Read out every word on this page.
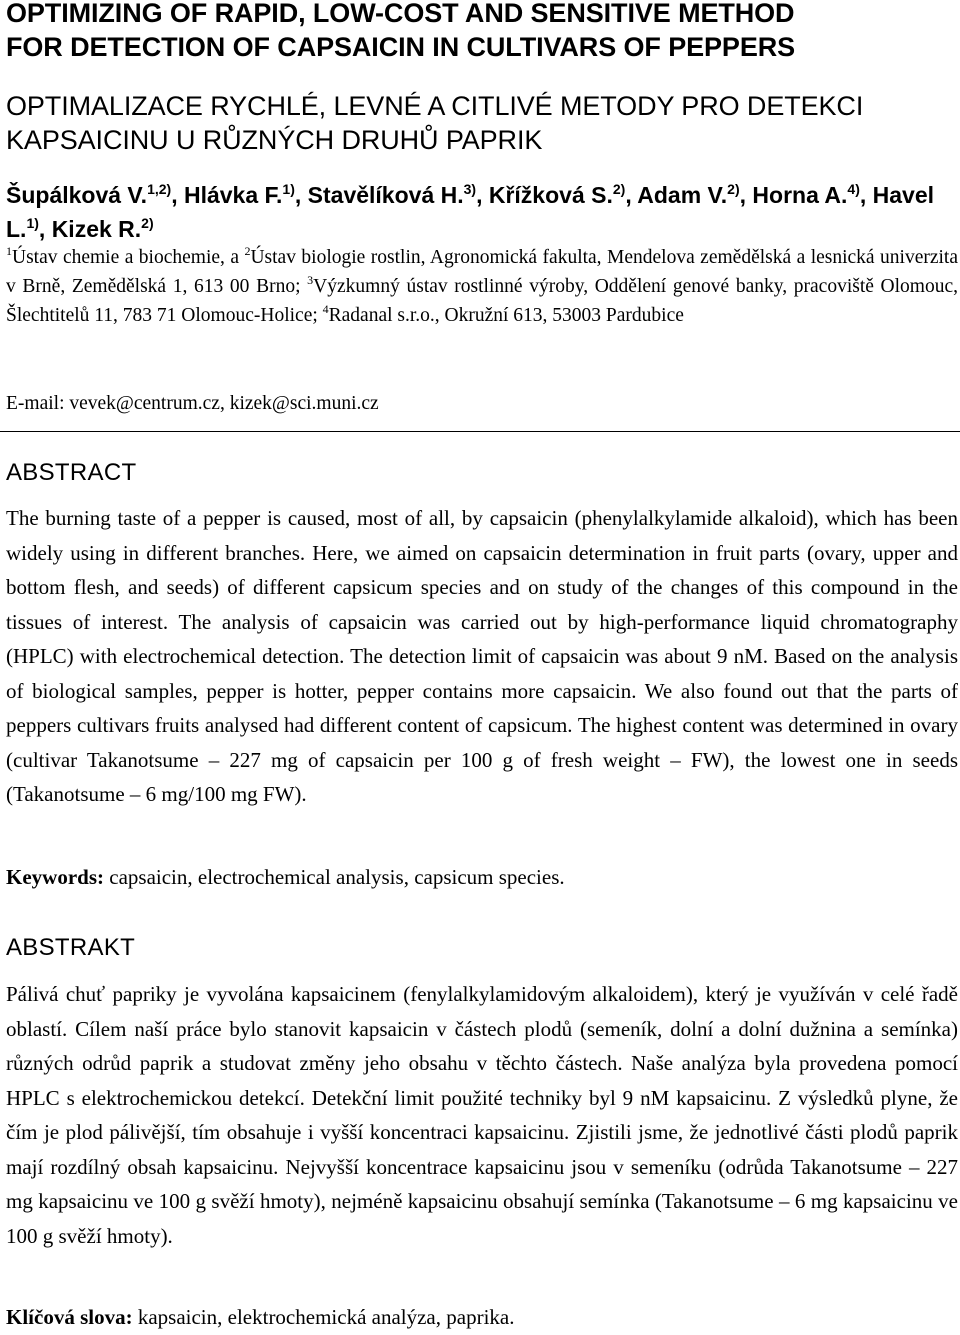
OPTIMIZING OF RAPID, LOW-COST AND SENSITIVE METHOD
FOR DETECTION OF CAPSAICIN IN CULTIVARS OF PEPPERS
OPTIMALIZACE RYCHLÉ, LEVNÉ A CITLIVÉ METODY PRO DETEKCI
KAPSAICINU U RŮZNÝCH DRUHŮ PAPRIK
Šupálková V.$^{1,2)}$, Hlávka F.$^{1)}$, Stavělíková H.$^{3)}$, Křížková S.$^{2)}$, Adam V.$^{2)}$, Horna A.$^{4)}$, Havel L.$^{1)}$, Kizek R.$^{2)}$
$^1$Ústav chemie a biochemie, a $^2$Ústav biologie rostlin, Agronomická fakulta, Mendelova zemědělská a lesnická univerzita v Brně, Zemědělská 1, 613 00 Brno; $^3$Výzkumný ústav rostlinné výroby, Oddělení genové banky, pracoviště Olomouc, Šlechtitelů 11, 783 71 Olomouc-Holice; $^4$Radanal s.r.o., Okružní 613, 53003 Pardubice
E-mail: vevek@centrum.cz, kizek@sci.muni.cz
ABSTRACT
The burning taste of a pepper is caused, most of all, by capsaicin (phenylalkylamide alkaloid), which has been widely using in different branches. Here, we aimed on capsaicin determination in fruit parts (ovary, upper and bottom flesh, and seeds) of different capsicum species and on study of the changes of this compound in the tissues of interest. The analysis of capsaicin was carried out by high-performance liquid chromatography (HPLC) with electrochemical detection. The detection limit of capsaicin was about 9 nM. Based on the analysis of biological samples, pepper is hotter, pepper contains more capsaicin. We also found out that the parts of peppers cultivars fruits analysed had different content of capsicum. The highest content was determined in ovary (cultivar Takanotsume – 227 mg of capsaicin per 100 g of fresh weight – FW), the lowest one in seeds (Takanotsume – 6 mg/100 mg FW).
Keywords: capsaicin, electrochemical analysis, capsicum species.
ABSTRAKT
Pálivá chuť papriky je vyvolána kapsaicinem (fenylalkylamidovým alkaloidem), který je využíván v celé řadě oblastí. Cílem naší práce bylo stanovit kapsaicin v částech plodů (semeník, dolní a dolní dužnina a semínka) různých odrůd paprik a studovat změny jeho obsahu v těchto částech. Naše analýza byla provedena pomocí HPLC s elektrochemickou detekcí. Detekční limit použité techniky byl 9 nM kapsaicinu. Z výsledků plyne, že čím je plod pálivější, tím obsahuje i vyšší koncentraci kapsaicinu. Zjistili jsme, že jednotlivé části plodů paprik mají rozdílný obsah kapsaicinu. Nejvyšší koncentrace kapsaicinu jsou v semeníku (odrůda Takanotsume – 227 mg kapsaicinu ve 100 g svěží hmoty), nejméně kapsaicinu obsahují semínka (Takanotsume – 6 mg kapsaicinu ve 100 g svěží hmoty).
Klíčová slova: kapsaicin, elektrochemická analýza, paprika.
